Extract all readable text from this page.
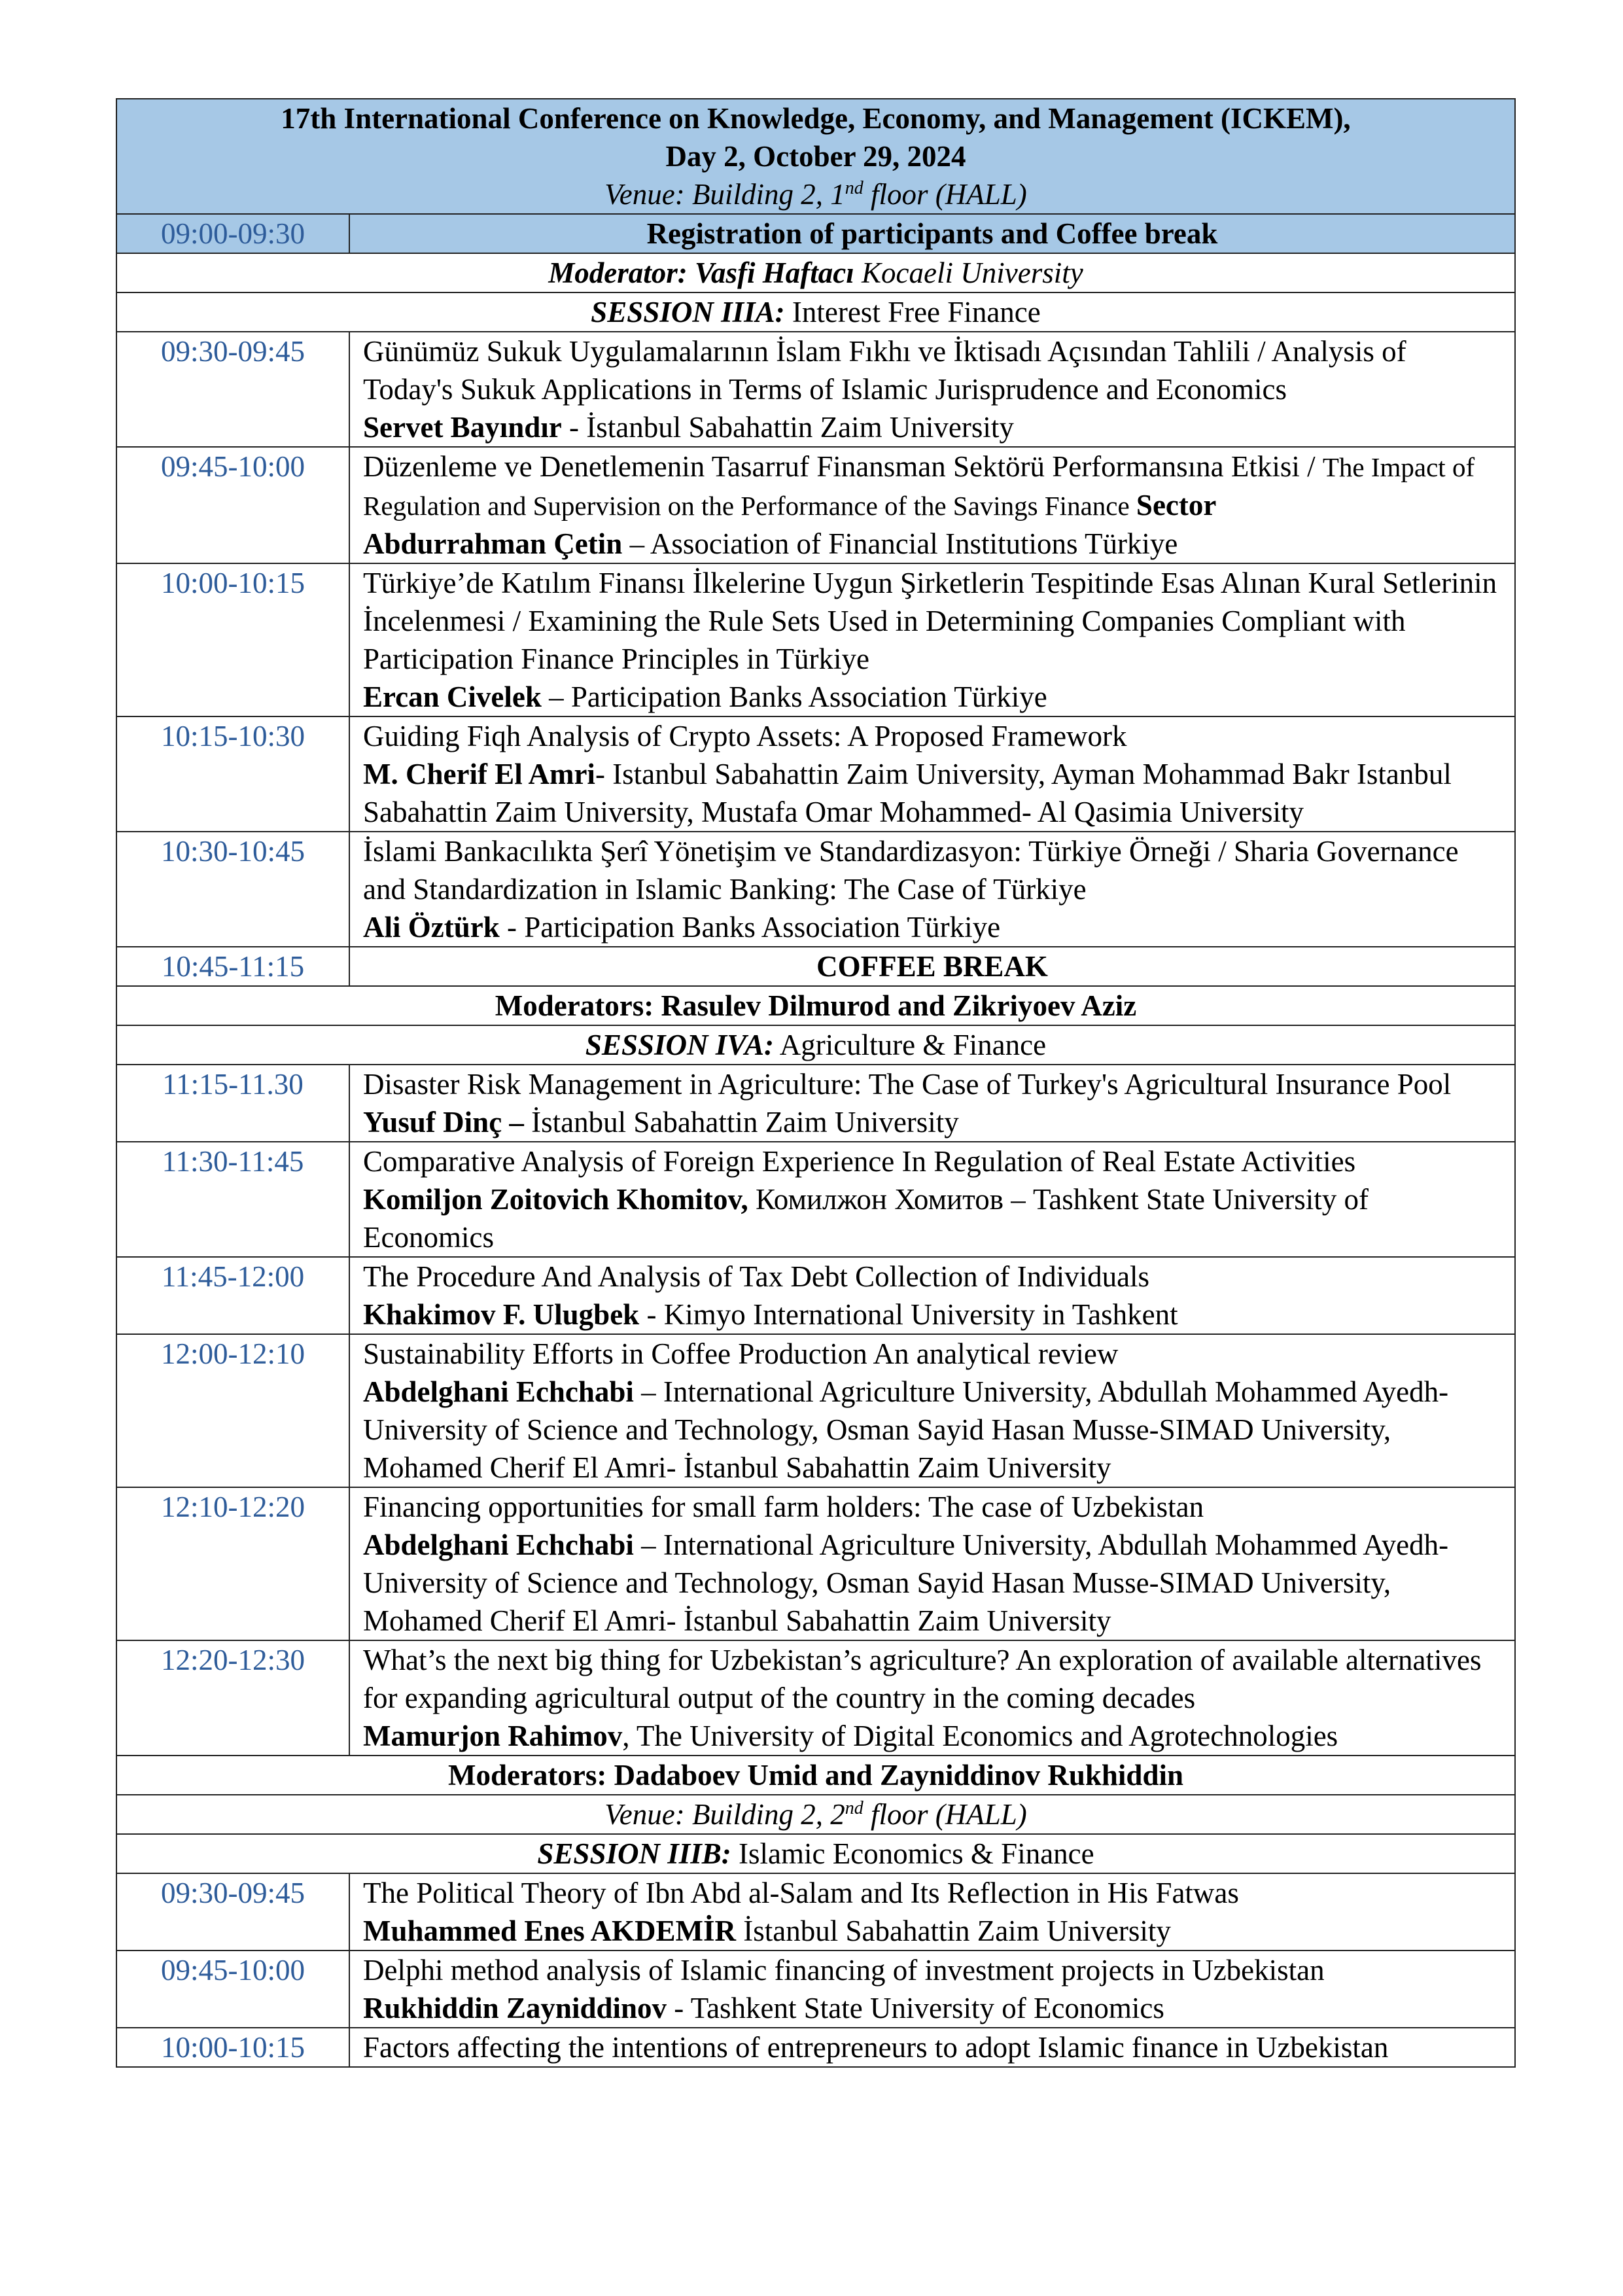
17th International Conference on Knowledge, Economy, and Management (ICKEM),
Day 2, October 29, 2024
Venue: Building 2, 1nd floor (HALL)	

09:00-09:30	Registration of participants and Coffee break
Moderator: Vasfi Haftacı Kocaeli University	
SESSION IIIA: Interest Free Finance	
09:30-09:45	Günümüz Sukuk Uygulamalarının İslam Fıkhı ve İktisadı Açısından Tahlili / Analysis of Today's Sukuk Applications in Terms of Islamic Jurisprudence and Economics
Servet Bayındır - İstanbul Sabahattin Zaim University
09:45-10:00	Düzenleme ve Denetlemenin Tasarruf Finansman Sektörü Performansına Etkisi / The Impact of Regulation and Supervision on the Performance of the Savings Finance Sector
Abdurrahman Çetin – Association of Financial Institutions Türkiye
10:00-10:15	Türkiye’de Katılım Finansı İlkelerine Uygun Şirketlerin Tespitinde Esas Alınan Kural Setlerinin İncelenmesi / Examining the Rule Sets Used in Determining Companies Compliant with Participation Finance Principles in Türkiye
Ercan Civelek – Participation Banks Association Türkiye
10:15-10:30	Guiding Fiqh Analysis of Crypto Assets: A Proposed Framework
M. Cherif El Amri- Istanbul Sabahattin Zaim University, Ayman Mohammad Bakr Istanbul Sabahattin Zaim University, Mustafa Omar Mohammed- Al Qasimia University
10:30-10:45	İslami Bankacılıkta Şerî Yönetişim ve Standardizasyon: Türkiye Örneği / Sharia Governance and Standardization in Islamic Banking: The Case of Türkiye
Ali Öztürk - Participation Banks Association Türkiye
10:45-11:15	COFFEE BREAK
Moderators: Rasulev Dilmurod and Zikriyoev Aziz	
SESSION IVA: Agriculture & Finance	
11:15-11.30	Disaster Risk Management in Agriculture: The Case of Turkey's Agricultural Insurance Pool
Yusuf Dinç – İstanbul Sabahattin Zaim University
11:30-11:45	Comparative Analysis of Foreign Experience In Regulation of Real Estate Activities
Komiljon Zoitovich Khomitov, Комилжон Хомитов – Tashkent State University of Economics
11:45-12:00	The Procedure And Analysis of Tax Debt Collection of Individuals
Khakimov F. Ulugbek - Kimyo International University in Tashkent
12:00-12:10	Sustainability Efforts in Coffee Production An analytical review
Abdelghani Echchabi – International Agriculture University, Abdullah Mohammed Ayedh- University of Science and Technology, Osman Sayid Hasan Musse-SIMAD University, Mohamed Cherif El Amri- İstanbul Sabahattin Zaim University
12:10-12:20	Financing opportunities for small farm holders: The case of Uzbekistan
Abdelghani Echchabi – International Agriculture University, Abdullah Mohammed Ayedh- University of Science and Technology, Osman Sayid Hasan Musse-SIMAD University, Mohamed Cherif El Amri- İstanbul Sabahattin Zaim University
12:20-12:30	What’s the next big thing for Uzbekistan’s agriculture? An exploration of available alternatives for expanding agricultural output of the country in the coming decades
Mamurjon Rahimov, The University of Digital Economics and Agrotechnologies
Moderators: Dadaboev Umid and Zayniddinov Rukhiddin	
Venue: Building 2, 2nd floor (HALL)	
SESSION IIIB: Islamic Economics & Finance	
09:30-09:45	The Political Theory of Ibn Abd al-Salam and Its Reflection in His Fatwas
Muhammed Enes AKDEMİR İstanbul Sabahattin Zaim University
09:45-10:00	Delphi method analysis of Islamic financing of investment projects in Uzbekistan
Rukhiddin Zayniddinov - Tashkent State University of Economics
10:00-10:15	Factors affecting the intentions of entrepreneurs to adopt Islamic finance in Uzbekistan
